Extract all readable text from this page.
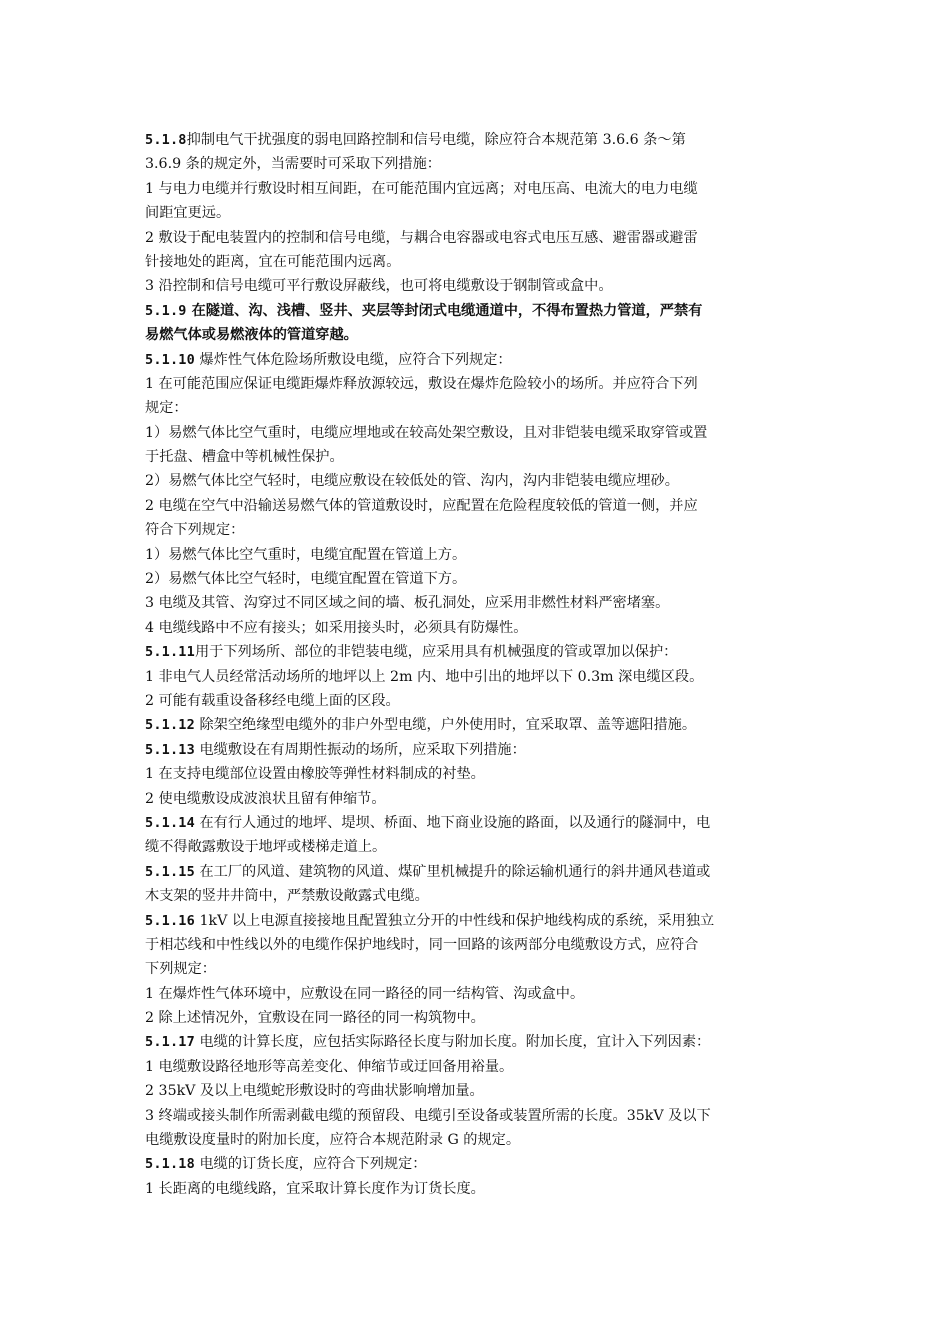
5.1.8抑制电气干扰强度的弱电回路控制和信号电缆，除应符合本规范第 3.6.6 条～第

3.6.9 条的规定外，当需要时可采取下列措施：

1 与电力电缆并行敷设时相互间距，在可能范围内宜远离；对电压高、电流大的电力电缆

间距宜更远。

2 敷设于配电装置内的控制和信号电缆，与耦合电容器或电容式电压互感、避雷器或避雷

针接地处的距离，宜在可能范围内远离。

3 沿控制和信号电缆可平行敷设屏蔽线，也可将电缆敷设于钢制管或盒中。

5.1.9 在隧道、沟、浅槽、竖井、夹层等封闭式电缆通道中，不得布置热力管道，严禁有

易燃气体或易燃液体的管道穿越。

5.1.10 爆炸性气体危险场所敷设电缆，应符合下列规定：

1 在可能范围应保证电缆距爆炸释放源较远，敷设在爆炸危险较小的场所。并应符合下列

规定：

1）易燃气体比空气重时，电缆应埋地或在较高处架空敷设，且对非铠装电缆采取穿管或置

于托盘、槽盒中等机械性保护。

2）易燃气体比空气轻时，电缆应敷设在较低处的管、沟内，沟内非铠装电缆应埋砂。

2 电缆在空气中沿输送易燃气体的管道敷设时，应配置在危险程度较低的管道一侧，并应

符合下列规定：

1）易燃气体比空气重时，电缆宜配置在管道上方。

2）易燃气体比空气轻时，电缆宜配置在管道下方。

3 电缆及其管、沟穿过不同区域之间的墙、板孔洞处，应采用非燃性材料严密堵塞。

4 电缆线路中不应有接头；如采用接头时，必须具有防爆性。

5.1.11用于下列场所、部位的非铠装电缆，应采用具有机械强度的管或罩加以保护：

1 非电气人员经常活动场所的地坪以上 2m 内、地中引出的地坪以下 0.3m 深电缆区段。

2 可能有载重设备移经电缆上面的区段。

5.1.12 除架空绝缘型电缆外的非户外型电缆，户外使用时，宜采取罩、盖等遮阳措施。

5.1.13 电缆敷设在有周期性振动的场所，应采取下列措施：

1 在支持电缆部位设置由橡胶等弹性材料制成的衬垫。

2 使电缆敷设成波浪状且留有伸缩节。

5.1.14 在有行人通过的地坪、堤坝、桥面、地下商业设施的路面，以及通行的隧洞中，电

缆不得敞露敷设于地坪或楼梯走道上。

5.1.15 在工厂的风道、建筑物的风道、煤矿里机械提升的除运输机通行的斜井通风巷道或

木支架的竖井井筒中，严禁敷设敞露式电缆。

5.1.16 1kV 以上电源直接接地且配置独立分开的中性线和保护地线构成的系统，采用独立

于相芯线和中性线以外的电缆作保护地线时，同一回路的该两部分电缆敷设方式，应符合

下列规定：

1 在爆炸性气体环境中，应敷设在同一路径的同一结构管、沟或盒中。

2 除上述情况外，宜敷设在同一路径的同一构筑物中。

5.1.17 电缆的计算长度，应包括实际路径长度与附加长度。附加长度，宜计入下列因素：

1 电缆敷设路径地形等高差变化、伸缩节或迂回备用裕量。

2 35kV 及以上电缆蛇形敷设时的弯曲状影响增加量。

3 终端或接头制作所需剥截电缆的预留段、电缆引至设备或装置所需的长度。35kV 及以下

电缆敷设度量时的附加长度，应符合本规范附录 G 的规定。

5.1.18 电缆的订货长度，应符合下列规定：

1 长距离的电缆线路，宜采取计算长度作为订货长度。
